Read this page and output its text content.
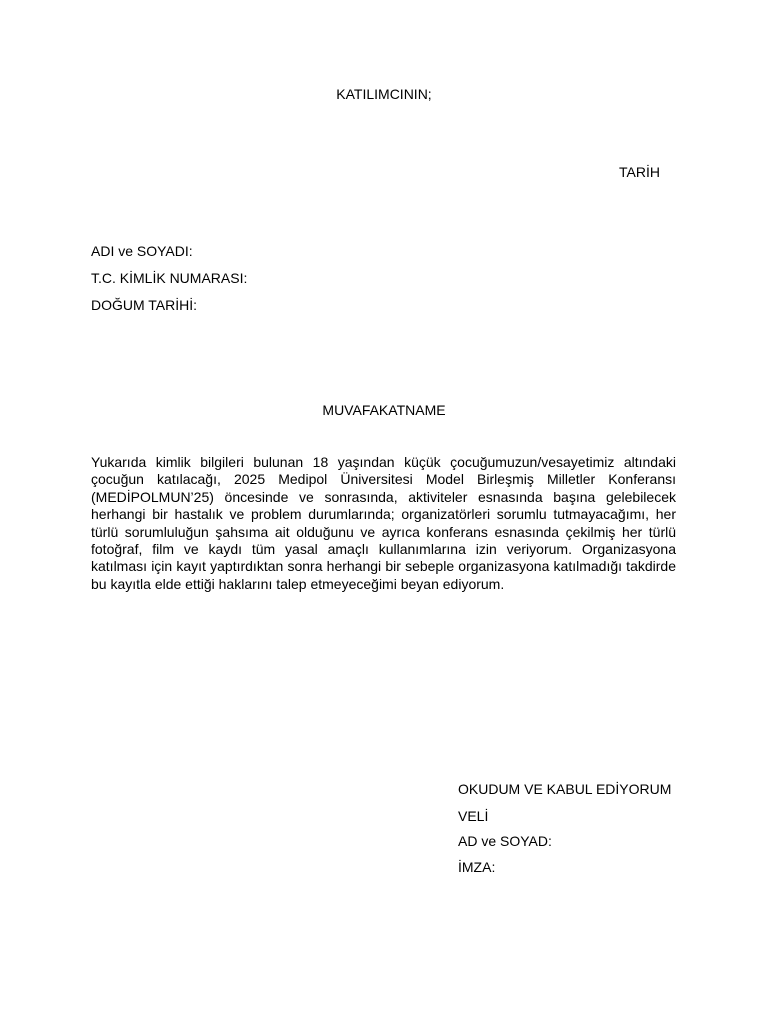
KATILIMCININ;
TARİH
ADI ve SOYADI:
T.C. KİMLİK NUMARASI:
DOĞUM TARİHİ:
MUVAFAKATNAME
Yukarıda kimlik bilgileri bulunan 18 yaşından küçük çocuğumuzun/vesayetimiz altındaki çocuğun katılacağı, 2025 Medipol Üniversitesi Model Birleşmiş Milletler Konferansı (MEDİPOLMUN’25) öncesinde ve sonrasında, aktiviteler esnasında başına gelebilecek herhangi bir hastalık ve problem durumlarında; organizatörleri sorumlu tutmayacağımı, her türlü sorumluluğun şahsıma ait olduğunu ve ayrıca konferans esnasında çekilmiş her türlü fotoğraf, film ve kaydı tüm yasal amaçlı kullanımlarına izin veriyorum. Organizasyona katılması için kayıt yaptırdıktan sonra herhangi bir sebeple organizasyona katılmadığı takdirde bu kayıtla elde ettiği haklarını talep etmeyeceğimi beyan ediyorum.
OKUDUM VE KABUL EDİYORUM
VELİ
AD ve SOYAD:
İMZA:
